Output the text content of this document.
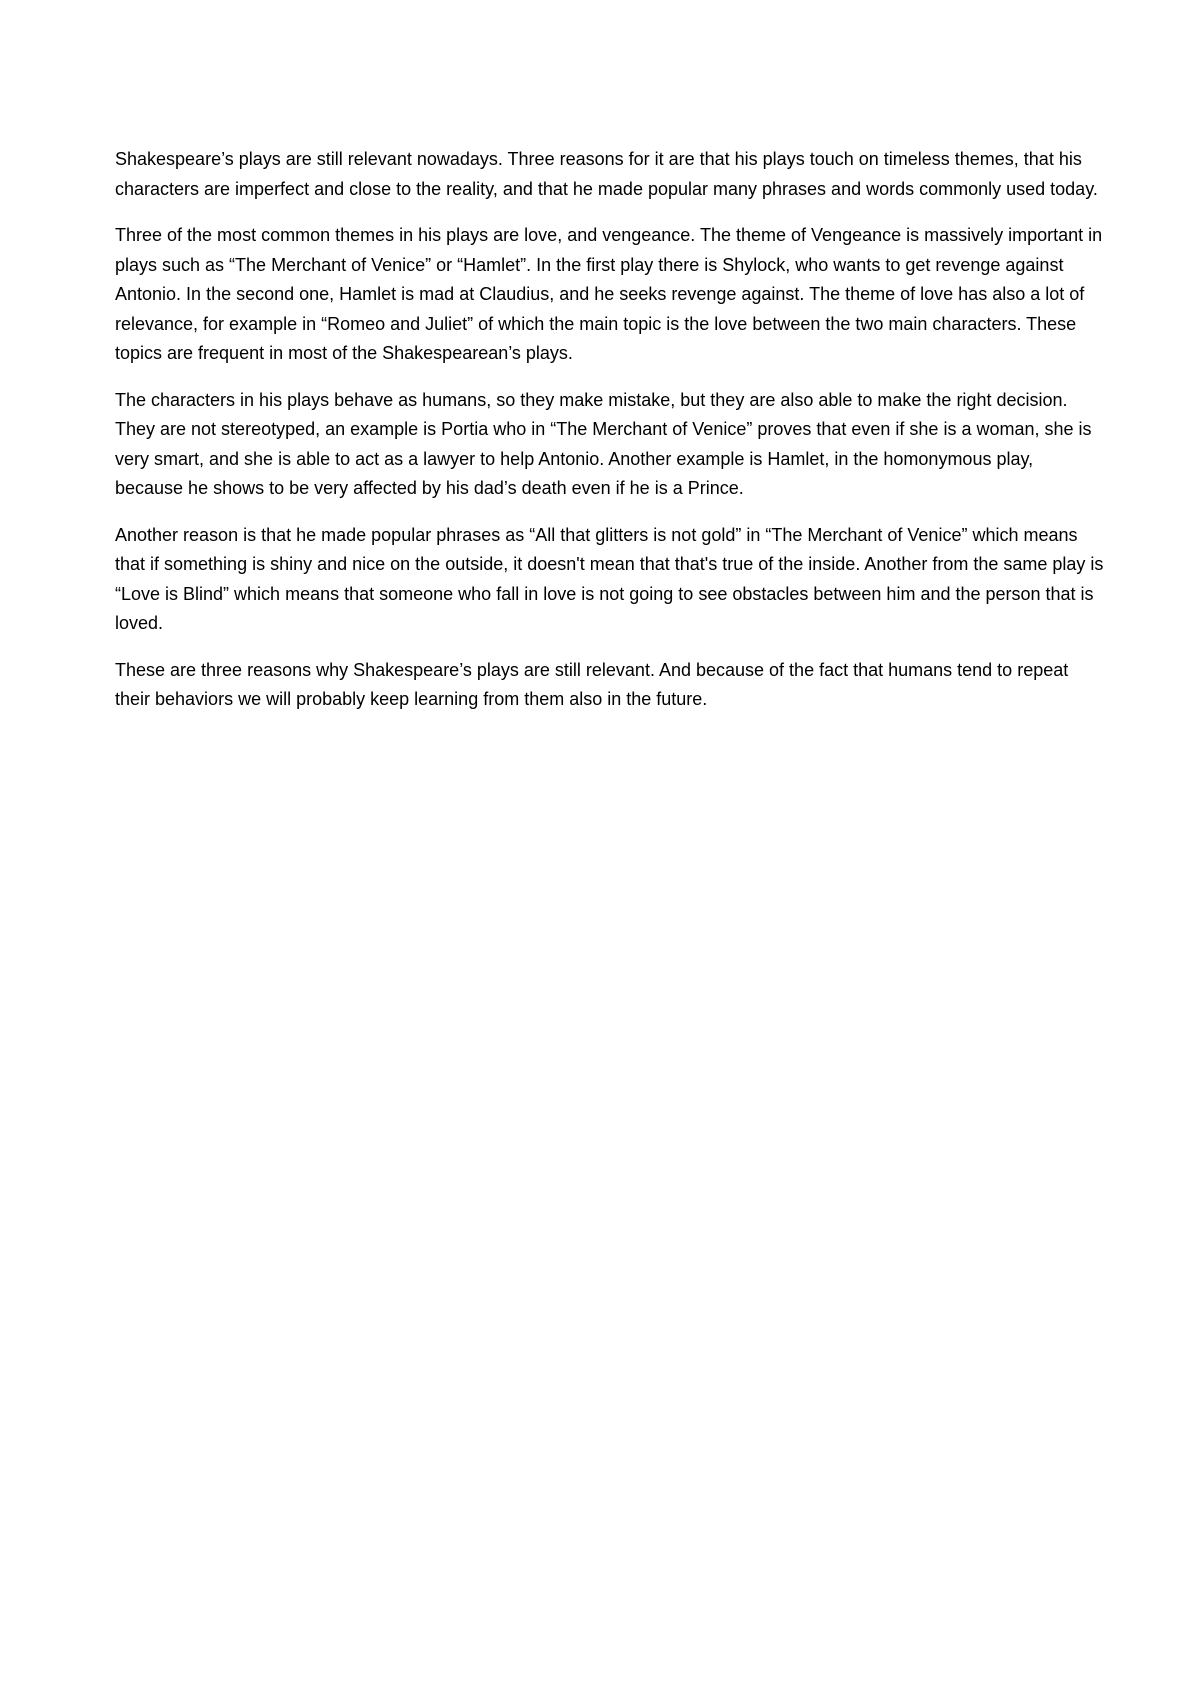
Shakespeare’s plays are still relevant nowadays. Three reasons for it are that his plays touch on timeless themes, that his characters are imperfect and close to the reality, and that he made popular many phrases and words commonly used today.

Three of the most common themes in his plays are love, and vengeance. The theme of Vengeance is massively important in plays such as “The Merchant of Venice” or “Hamlet”. In the first play there is Shylock, who wants to get revenge against Antonio. In the second one, Hamlet is mad at Claudius, and he seeks revenge against. The theme of love has also a lot of relevance, for example in “Romeo and Juliet” of which the main topic is the love between the two main characters. These topics are frequent in most of the Shakespearean’s plays.

The characters in his plays behave as humans, so they make mistake, but they are also able to make the right decision. They are not stereotyped, an example is Portia who in “The Merchant of Venice” proves that even if she is a woman, she is very smart, and she is able to act as a lawyer to help Antonio. Another example is Hamlet, in the homonymous play, because he shows to be very affected by his dad’s death even if he is a Prince.

Another reason is that he made popular phrases as “All that glitters is not gold” in “The Merchant of Venice” which means that if something is shiny and nice on the outside, it doesn't mean that that's true of the inside. Another from the same play is “Love is Blind” which means that someone who fall in love is not going to see obstacles between him and the person that is loved.

These are three reasons why Shakespeare’s plays are still relevant. And because of the fact that humans tend to repeat their behaviors we will probably keep learning from them also in the future.
